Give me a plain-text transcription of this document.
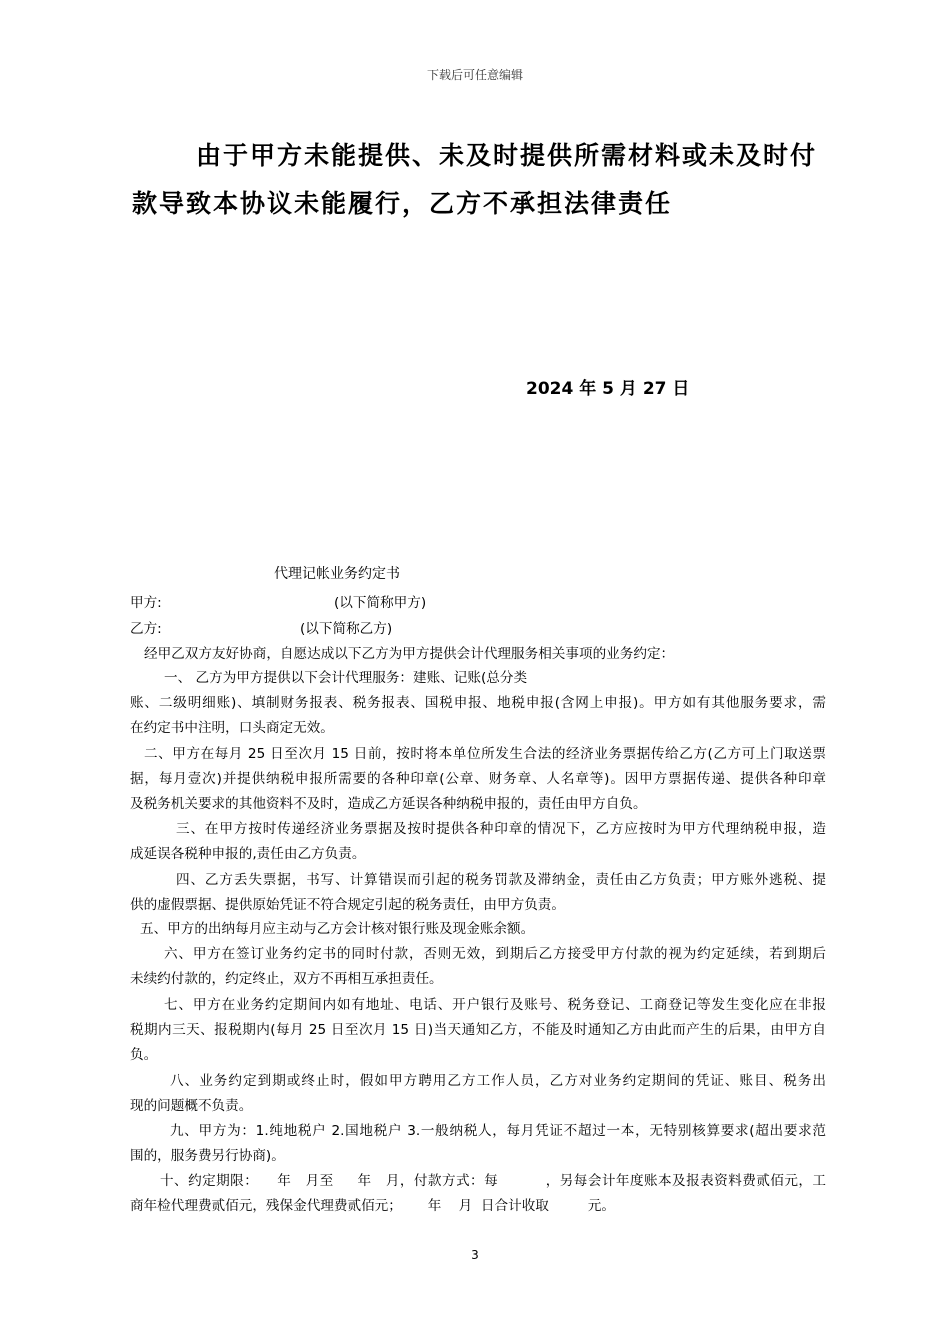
下载后可任意编辑
由于甲方未能提供、未及时提供所需材料或未及时付
款导致本协议未能履行，乙方不承担法律责任
2024 年 5 月 27 日
代理记帐业务约定书
甲方:	(以下简称甲方)
乙方:	(以下简称乙方)
经甲乙双方友好协商，自愿达成以下乙方为甲方提供会计代理服务相关事项的业务约定：
一、 乙方为甲方提供以下会计代理服务：建账、记账(总分类
账、二级明细账)、填制财务报表、税务报表、国税申报、地税申报(含网上申报)。甲方如有其他服务要求，需
在约定书中注明，口头商定无效。
二、甲方在每月 25 日至次月 15 日前，按时将本单位所发生合法的经济业务票据传给乙方(乙方可上门取送票
据，每月壹次)并提供纳税申报所需要的各种印章(公章、财务章、人名章等)。因甲方票据传递、提供各种印章
及税务机关要求的其他资料不及时，造成乙方延误各种纳税申报的，责任由甲方自负。
三、在甲方按时传递经济业务票据及按时提供各种印章的情况下，乙方应按时为甲方代理纳税申报，造
成延误各税种申报的,责任由乙方负责。
四、乙方丢失票据，书写、计算错误而引起的税务罚款及滞纳金，责任由乙方负责；甲方账外逃税、提
供的虚假票据、提供原始凭证不符合规定引起的税务责任，由甲方负责。
五、甲方的出纳每月应主动与乙方会计核对银行账及现金账余额。
六、甲方在签订业务约定书的同时付款，否则无效，到期后乙方接受甲方付款的视为约定延续，若到期后
未续约付款的，约定终止，双方不再相互承担责任。
七、甲方在业务约定期间内如有地址、电话、开户银行及账号、税务登记、工商登记等发生变化应在非报
税期内三天、报税期内(每月 25 日至次月 15 日)当天通知乙方，不能及时通知乙方由此而产生的后果，由甲方自
负。
八、业务约定到期或终止时，假如甲方聘用乙方工作人员，乙方对业务约定期间的凭证、账目、税务出
现的问题概不负责。
九、甲方为：1.纯地税户 2.国地税户 3.一般纳税人，每月凭证不超过一本，无特别核算要求(超出要求范
围的，服务费另行协商)。
十、约定期限：    年   月至     年   月，付款方式：每          ，另每会计年度账本及报表资料费贰佰元，工
商年检代理费贰佰元，残保金代理费贰佰元；      年    月  日合计收取         元。
3
